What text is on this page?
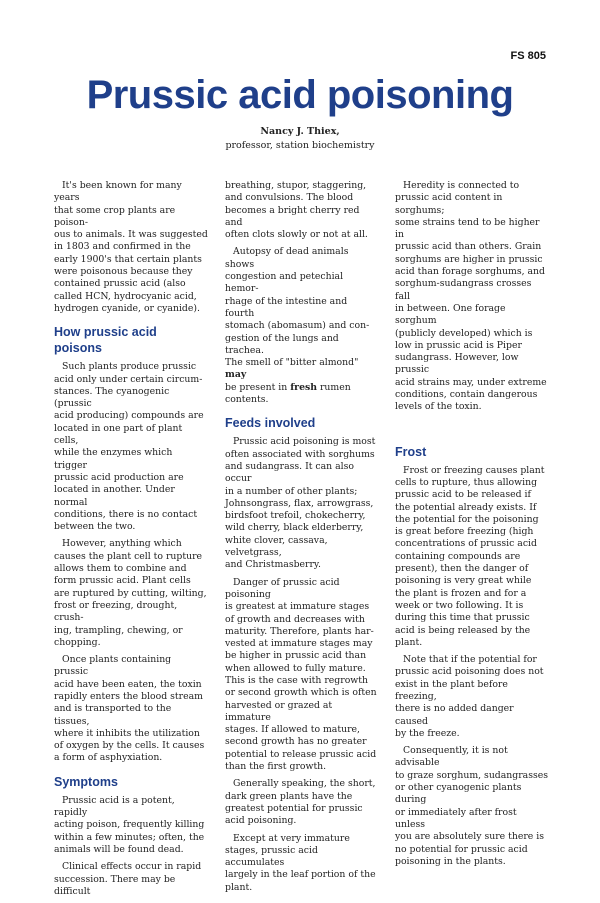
FS 805
Prussic acid poisoning
Nancy J. Thiex,
professor, station biochemistry

It's been known for many years
that some crop plants are poison-
ous to animals. It was suggested
in 1803 and confirmed in the
early 1900's that certain plants
were poisonous because they
contained prussic acid (also
called HCN, hydrocyanic acid,
hydrogen cyanide, or cyanide).

How prussic acid poisons

Such plants produce prussic
acid only under certain circum-
stances. The cyanogenic (prussic
acid producing) compounds are
located in one part of plant cells,
while the enzymes which trigger
prussic acid production are
located in another. Under normal
conditions, there is no contact
between the two.

However, anything which
causes the plant cell to rupture
allows them to combine and
form prussic acid. Plant cells
are ruptured by cutting, wilting,
frost or freezing, drought, crush-
ing, trampling, chewing, or
chopping.

Once plants containing prussic
acid have been eaten, the toxin
rapidly enters the blood stream
and is transported to the tissues,
where it inhibits the utilization
of oxygen by the cells. It causes
a form of asphyxiation.

Symptoms

Prussic acid is a potent, rapidly
acting poison, frequently killing
within a few minutes; often, the
animals will be found dead.

Clinical effects occur in rapid
succession. There may be difficult

breathing, stupor, staggering,
and convulsions. The blood
becomes a bright cherry red and
often clots slowly or not at all.

Autopsy of dead animals shows
congestion and petechial hemor-
rhage of the intestine and fourth
stomach (abomasum) and con-
gestion of the lungs and trachea.
The smell of "bitter almond" may
be present in fresh rumen contents.

Feeds involved

Prussic acid poisoning is most
often associated with sorghums
and sudangrass. It can also occur
in a number of other plants;
Johnsongrass, flax, arrowgrass,
birdsfoot trefoil, chokecherry,
wild cherry, black elderberry,
white clover, cassava, velvetgrass,
and Christmasberry.

Danger of prussic acid poisoning
is greatest at immature stages
of growth and decreases with
maturity. Therefore, plants har-
vested at immature stages may
be higher in prussic acid than
when allowed to fully mature.
This is the case with regrowth
or second growth which is often
harvested or grazed at immature
stages. If allowed to mature,
second growth has no greater
potential to release prussic acid
than the first growth.

Generally speaking, the short,
dark green plants have the
greatest potential for prussic
acid poisoning.

Except at very immature
stages, prussic acid accumulates
largely in the leaf portion of the
plant.

Heredity is connected to
prussic acid content in sorghums;
some strains tend to be higher in
prussic acid than others. Grain
sorghums are higher in prussic
acid than forage sorghums, and
sorghum-sudangrass crosses fall
in between. One forage sorghum
(publicly developed) which is
low in prussic acid is Piper
sudangrass. However, low prussic
acid strains may, under extreme
conditions, contain dangerous
levels of the toxin.

Frost

Frost or freezing causes plant
cells to rupture, thus allowing
prussic acid to be released if
the potential already exists. If
the potential for the poisoning
is great before freezing (high
concentrations of prussic acid
containing compounds are
present), then the danger of
poisoning is very great while
the plant is frozen and for a
week or two following. It is
during this time that prussic
acid is being released by the
plant.

Note that if the potential for
prussic acid poisoning does not
exist in the plant before freezing,
there is no added danger caused
by the freeze.

Consequently, it is not advisable
to graze sorghum, sudangrasses
or other cyanogenic plants during
or immediately after frost unless
you are absolutely sure there is
no potential for prussic acid
poisoning in the plants.
